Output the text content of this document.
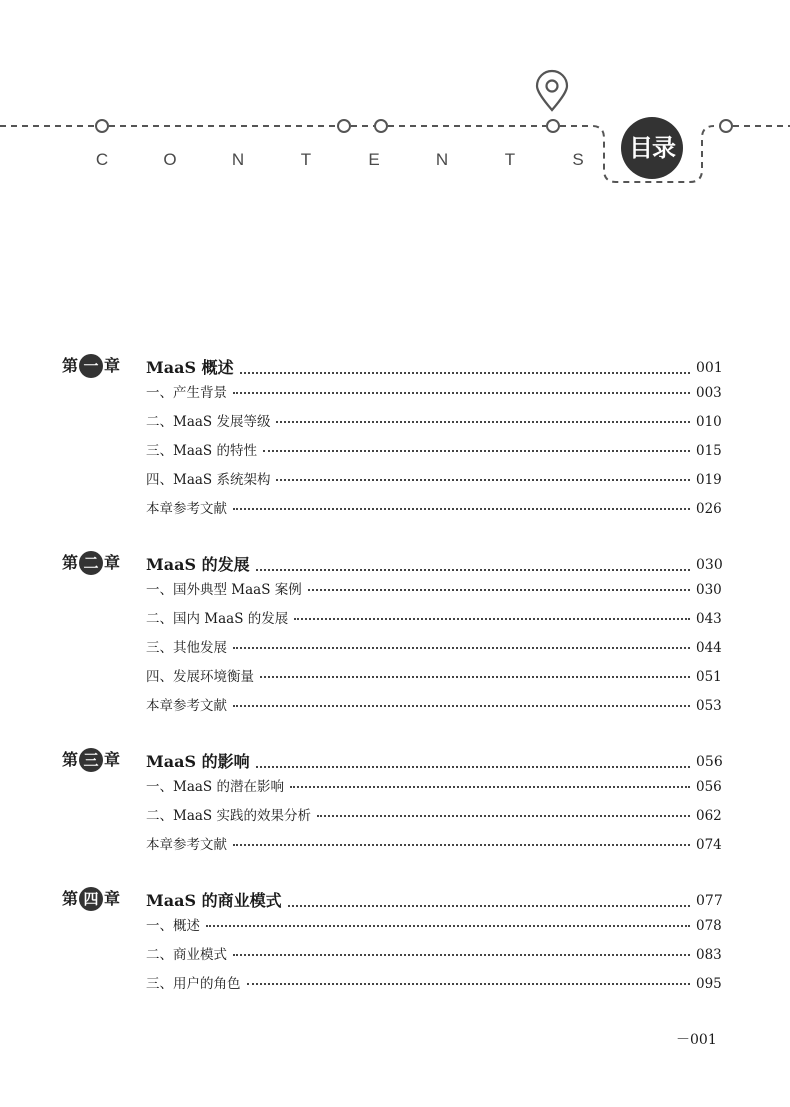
C	O	N	T	E	N	T	S	目录
第 一 章 MaaS 概述	001
一、产生背景	003
二、MaaS 发展等级	010
三、MaaS 的特性	015
四、MaaS 系统架构	019
本章参考文献	026
第 二 章 MaaS 的发展	030
一、国外典型 MaaS 案例	030
二、国内 MaaS 的发展	043
三、其他发展	044
四、发展环境衡量	051
本章参考文献	053
第 三 章 MaaS 的影响	056
一、MaaS 的潜在影响	056
二、MaaS 实践的效果分析	062
本章参考文献	074
第 四 章 MaaS 的商业模式	077
一、概述	078
二、商业模式	083
三、用户的角色	095
－001
